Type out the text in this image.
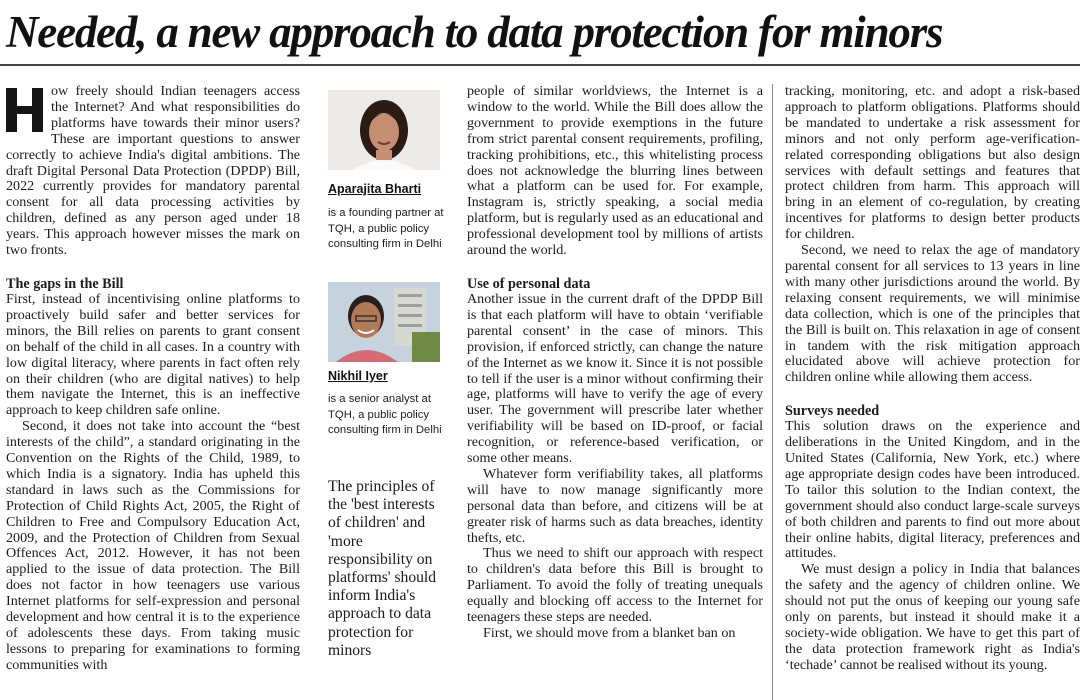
Needed, a new approach to data protection for minors

ow freely should Indian teenagers access the Internet? And what responsibilities do platforms have towards their minor users? These are important questions to answer correctly to achieve India's digital ambitions. The draft Digital Personal Data Protection (DPDP) Bill, 2022 currently provides for mandatory parental consent for all data processing activities by children, defined as any person aged under 18 years. This approach however misses the mark on two fronts.

The gaps in the Bill

First, instead of incentivising online platforms to proactively build safer and better services for minors, the Bill relies on parents to grant consent on behalf of the child in all cases. In a country with low digital literacy, where parents in fact often rely on their children (who are digital natives) to help them navigate the Internet, this is an ineffective approach to keep children safe online.

Second, it does not take into account the “best interests of the child”, a standard originating in the Convention on the Rights of the Child, 1989, to which India is a signatory. India has upheld this standard in laws such as the Commissions for Protection of Child Rights Act, 2005, the Right of Children to Free and Compulsory Education Act, 2009, and the Protection of Children from Sexual Offences Act, 2012. However, it has not been applied to the issue of data protection. The Bill does not factor in how teenagers use various Internet platforms for self-expression and personal development and how central it is to the experience of adolescents these days. From taking music lessons to preparing for examinations to forming communities with

Aparajita Bharti
is a founding partner at TQH, a public policy consulting firm in Delhi
Nikhil Iyer
is a senior analyst at TQH, a public policy consulting firm in Delhi
The principles of the 'best interests of children' and 'more responsibility on platforms' should inform India's approach to data protection for minors

people of similar worldviews, the Internet is a window to the world. While the Bill does allow the government to provide exemptions in the future from strict parental consent requirements, profiling, tracking prohibitions, etc., this whitelisting process does not acknowledge the blurring lines between what a platform can be used for. For example, Instagram is, strictly speaking, a social media platform, but is regularly used as an educational and professional development tool by millions of artists around the world.

Use of personal data

Another issue in the current draft of the DPDP Bill is that each platform will have to obtain ‘verifiable parental consent’ in the case of minors. This provision, if enforced strictly, can change the nature of the Internet as we know it. Since it is not possible to tell if the user is a minor without confirming their age, platforms will have to verify the age of every user. The government will prescribe later whether verifiability will be based on ID-proof, or facial recognition, or reference-based verification, or some other means.

Whatever form verifiability takes, all platforms will have to now manage significantly more personal data than before, and citizens will be at greater risk of harms such as data breaches, identity thefts, etc.

Thus we need to shift our approach with respect to children's data before this Bill is brought to Parliament. To avoid the folly of treating unequals equally and blocking off access to the Internet for teenagers these steps are needed.

First, we should move from a blanket ban on

tracking, monitoring, etc. and adopt a risk-based approach to platform obligations. Platforms should be mandated to undertake a risk assessment for minors and not only perform age-verification-related corresponding obligations but also design services with default settings and features that protect children from harm. This approach will bring in an element of co-regulation, by creating incentives for platforms to design better products for children.

Second, we need to relax the age of mandatory parental consent for all services to 13 years in line with many other jurisdictions around the world. By relaxing consent requirements, we will minimise data collection, which is one of the principles that the Bill is built on. This relaxation in age of consent in tandem with the risk mitigation approach elucidated above will achieve protection for children online while allowing them access.

Surveys needed

This solution draws on the experience and deliberations in the United Kingdom, and in the United States (California, New York, etc.) where age appropriate design codes have been introduced. To tailor this solution to the Indian context, the government should also conduct large-scale surveys of both children and parents to find out more about their online habits, digital literacy, preferences and attitudes.

We must design a policy in India that balances the safety and the agency of children online. We should not put the onus of keeping our young safe only on parents, but instead it should make it a society-wide obligation. We have to get this part of the data protection framework right as India's ‘techade’ cannot be realised without its young.
